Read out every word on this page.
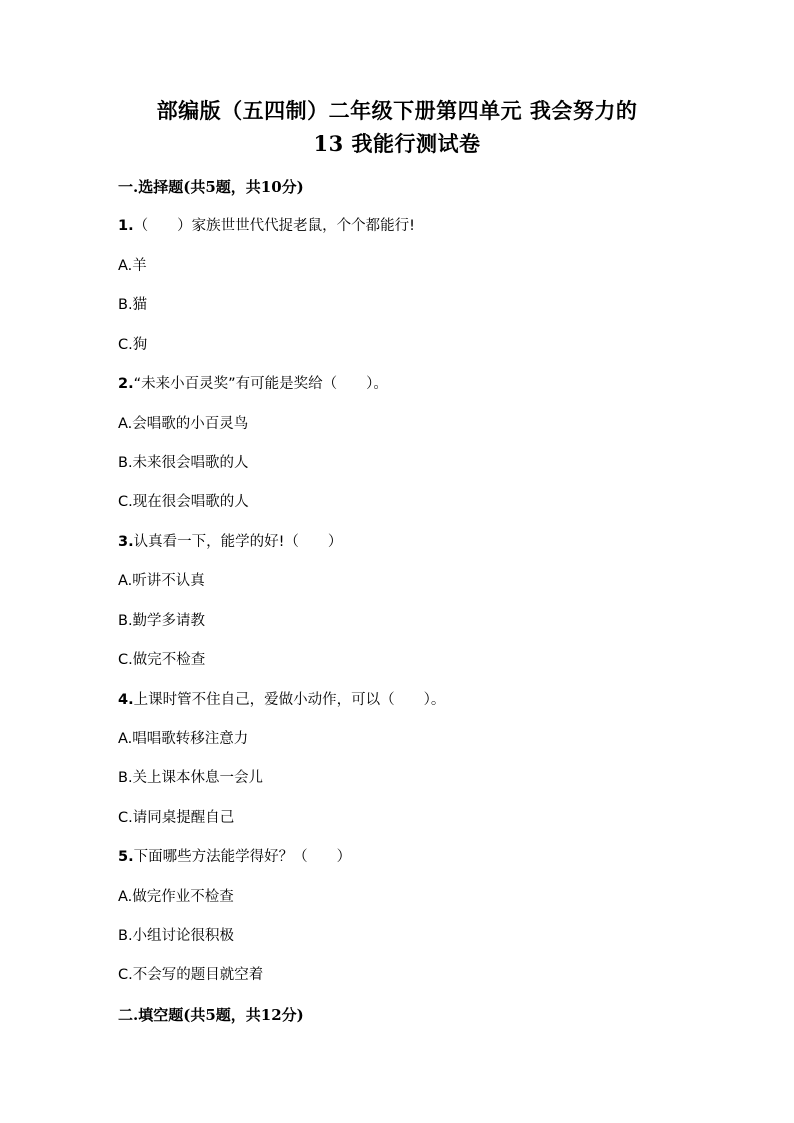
部编版（五四制）二年级下册第四单元 我会努力的
13 我能行测试卷
一.选择题(共5题，共10分)
1.（　　）家族世世代代捉老鼠，个个都能行!
A.羊
B.猫
C.狗
2.“未来小百灵奖”有可能是奖给（　　）。
A.会唱歌的小百灵鸟
B.未来很会唱歌的人
C.现在很会唱歌的人
3.认真看一下，能学的好!（　　）
A.听讲不认真
B.勤学多请教
C.做完不检查
4.上课时管不住自己，爱做小动作，可以（　　）。
A.唱唱歌转移注意力
B.关上课本休息一会儿
C.请同桌提醒自己
5.下面哪些方法能学得好？（　　）
A.做完作业不检查
B.小组讨论很积极
C.不会写的题目就空着
二.填空题(共5题，共12分)
